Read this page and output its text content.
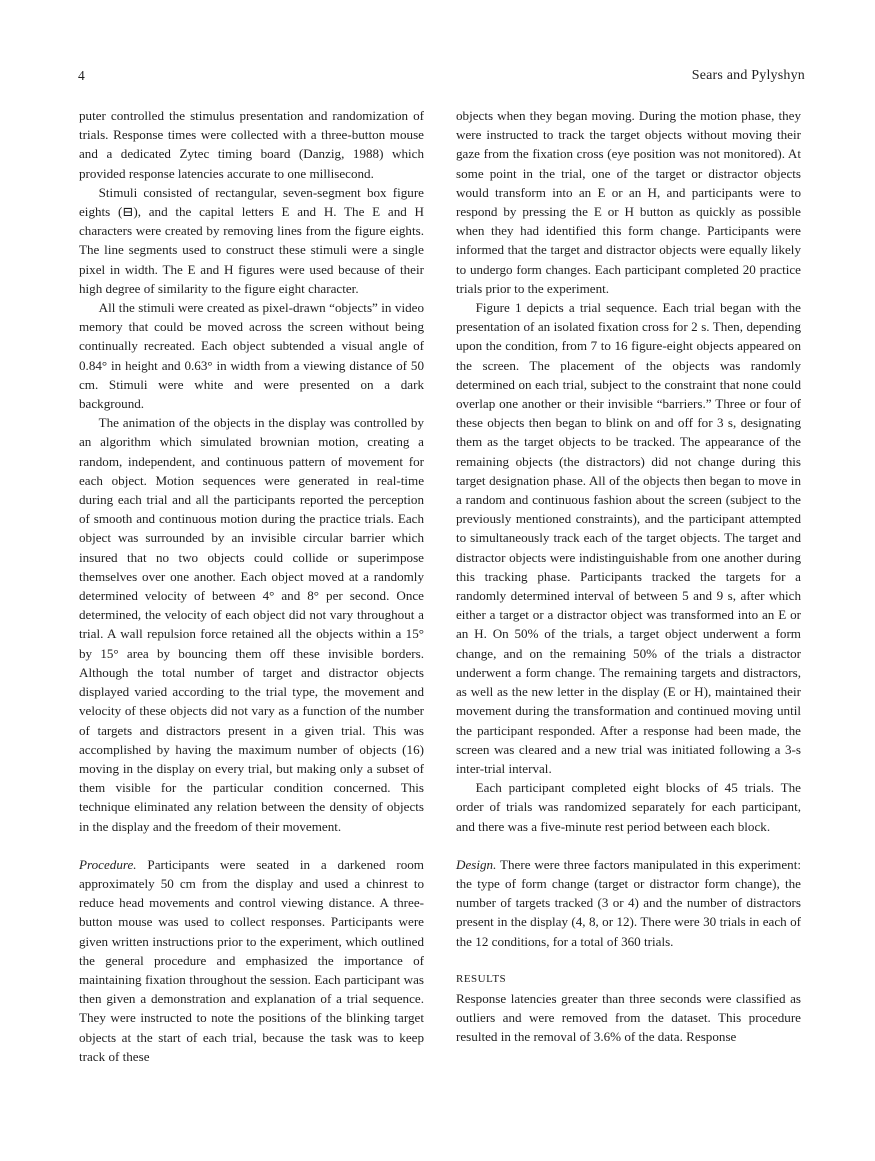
4	Sears and Pylyshyn

puter controlled the stimulus presentation and randomization of trials. Response times were collected with a three-button mouse and a dedicated Zytec timing board (Danzig, 1988) which provided response latencies accurate to one millisecond.

Stimuli consisted of rectangular, seven-segment box figure eights (⊟), and the capital letters E and H. The E and H characters were created by removing lines from the figure eights. The line segments used to construct these stimuli were a single pixel in width. The E and H figures were used because of their high degree of similarity to the figure eight character.

All the stimuli were created as pixel-drawn “objects” in video memory that could be moved across the screen without being continually recreated. Each object subtended a visual angle of 0.84° in height and 0.63° in width from a viewing distance of 50 cm. Stimuli were white and were presented on a dark background.

The animation of the objects in the display was controlled by an algorithm which simulated brownian motion, creating a random, independent, and continuous pattern of movement for each object. Motion sequences were generated in real-time during each trial and all the participants reported the perception of smooth and continuous motion during the practice trials. Each object was surrounded by an invisible circular barrier which insured that no two objects could collide or superimpose themselves over one another. Each object moved at a randomly determined velocity of between 4° and 8° per second. Once determined, the velocity of each object did not vary throughout a trial. A wall repulsion force retained all the objects within a 15° by 15° area by bouncing them off these invisible borders. Although the total number of target and distractor objects displayed varied according to the trial type, the movement and velocity of these objects did not vary as a function of the number of targets and distractors present in a given trial. This was accomplished by having the maximum number of objects (16) moving in the display on every trial, but making only a subset of them visible for the particular condition concerned. This technique eliminated any relation between the density of objects in the display and the freedom of their movement.

Procedure. Participants were seated in a darkened room approximately 50 cm from the display and used a chinrest to reduce head movements and control viewing distance. A three-button mouse was used to collect responses. Participants were given written instructions prior to the experiment, which outlined the general procedure and emphasized the importance of maintaining fixation throughout the session. Each participant was then given a demonstration and explanation of a trial sequence. They were instructed to note the positions of the blinking target objects at the start of each trial, because the task was to keep track of these

objects when they began moving. During the motion phase, they were instructed to track the target objects without moving their gaze from the fixation cross (eye position was not monitored). At some point in the trial, one of the target or distractor objects would transform into an E or an H, and participants were to respond by pressing the E or H button as quickly as possible when they had identified this form change. Participants were informed that the target and distractor objects were equally likely to undergo form changes. Each participant completed 20 practice trials prior to the experiment.

Figure 1 depicts a trial sequence. Each trial began with the presentation of an isolated fixation cross for 2 s. Then, depending upon the condition, from 7 to 16 figure-eight objects appeared on the screen. The placement of the objects was randomly determined on each trial, subject to the constraint that none could overlap one another or their invisible “barriers.” Three or four of these objects then began to blink on and off for 3 s, designating them as the target objects to be tracked. The appearance of the remaining objects (the distractors) did not change during this target designation phase. All of the objects then began to move in a random and continuous fashion about the screen (subject to the previously mentioned constraints), and the participant attempted to simultaneously track each of the target objects. The target and distractor objects were indistinguishable from one another during this tracking phase. Participants tracked the targets for a randomly determined interval of between 5 and 9 s, after which either a target or a distractor object was transformed into an E or an H. On 50% of the trials, a target object underwent a form change, and on the remaining 50% of the trials a distractor underwent a form change. The remaining targets and distractors, as well as the new letter in the display (E or H), maintained their movement during the transformation and continued moving until the participant responded. After a response had been made, the screen was cleared and a new trial was initiated following a 3-s inter-trial interval.

Each participant completed eight blocks of 45 trials. The order of trials was randomized separately for each participant, and there was a five-minute rest period between each block.

Design. There were three factors manipulated in this experiment: the type of form change (target or distractor form change), the number of targets tracked (3 or 4) and the number of distractors present in the display (4, 8, or 12). There were 30 trials in each of the 12 conditions, for a total of 360 trials.

RESULTS

Response latencies greater than three seconds were classified as outliers and were removed from the dataset. This procedure resulted in the removal of 3.6% of the data. Response
